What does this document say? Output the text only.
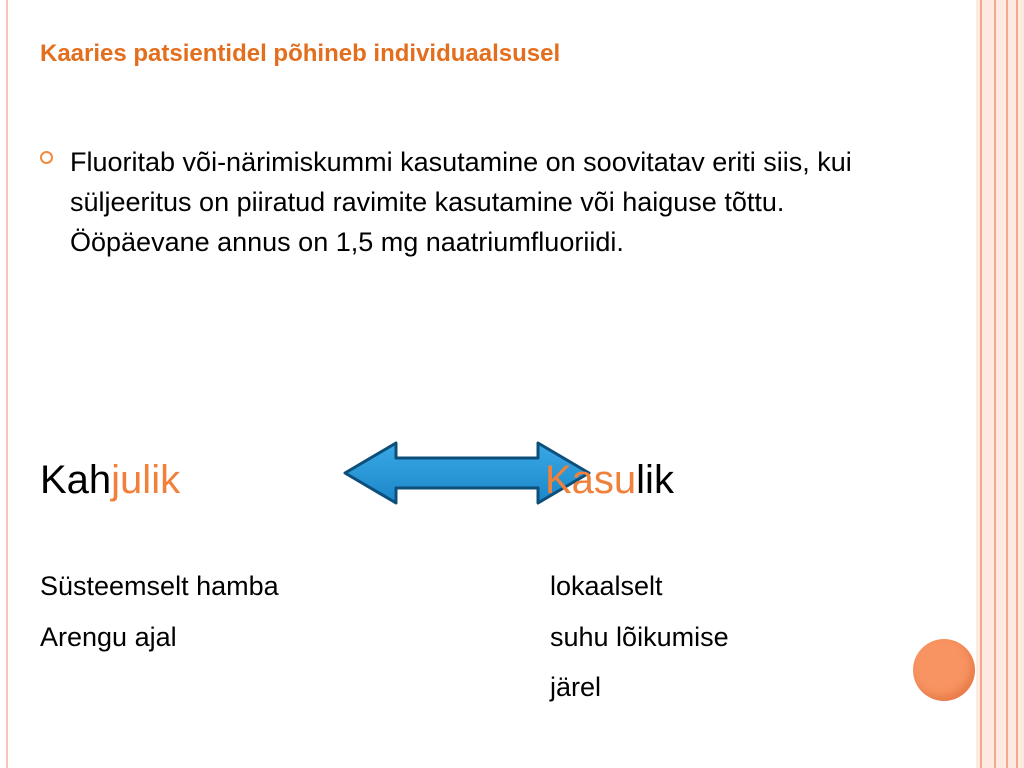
Kaaries patsientidel põhineb individuaalsusel

Fluoritab või-närimiskummi kasutamine on soovitatav eriti siis, kui süljeeritus on piiratud ravimite kasutamine või haiguse tõttu. Ööpäevane annus on 1,5 mg naatriumfluoriidi.

Kahjulik	Kasulik

Süsteemselt hamba

Arengu ajal

lokaalselt

suhu lõikumise

järel
